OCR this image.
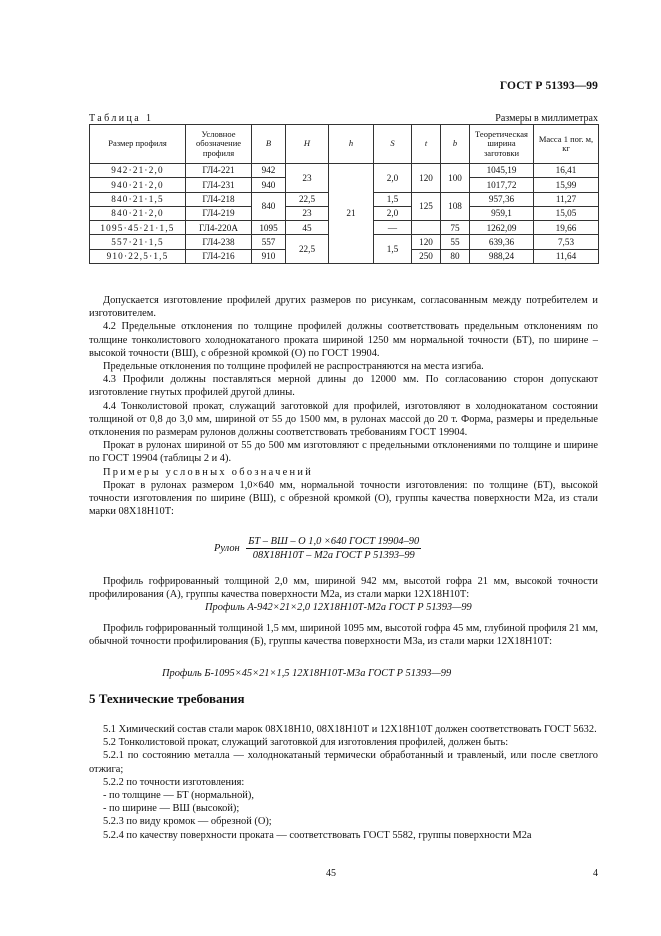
ГОСТ Р 51393—99
Таблица 1	Размеры в миллиметрах
Размер профиля	Условное обозначение профиля	B	H	h	S	t	b	Теоретическая ширина заготовки	Масса 1 пог. м, кг
942·21·2,0	ГЛ4-221	942	23	21	2,0	120	100	1045,19	16,41
940·21·2,0	ГЛ4-231	940						1017,72	15,99
840·21·1,5	ГЛ4-218	840	22,5		1,5	125	108	957,36	11,27
840·21·2,0	ГЛ4-219		23		2,0			959,1	15,05
1095·45·21·1,5	ГЛ4-220А	1095	45		—		75	1262,09	19,66
557·21·1,5	ГЛ4-238	557	22,5		1,5	120	55	639,36	7,53
910·22,5·1,5	ГЛ4-216	910				250	80	988,24	11,64

Допускается изготовление профилей других размеров по рисункам, согласованным между потребителем и изготовителем.

4.2 Предельные отклонения по толщине профилей должны соответствовать предельным отклонениям по толщине тонколистового холоднокатаного проката шириной 1250 мм нормальной точности (БТ), по ширине – высокой точности (ВШ), с обрезной кромкой (О) по ГОСТ 19904.

Предельные отклонения по толщине профилей не распространяются на места изгиба.

4.3 Профили должны поставляться мерной длины до 12000 мм. По согласованию сторон допускают изготовление гнутых профилей другой длины.

4.4 Тонколистовой прокат, служащий заготовкой для профилей, изготовляют в холоднокатаном состоянии толщиной от 0,8 до 3,0 мм, шириной от 55 до 1500 мм, в рулонах массой до 20 т. Форма, размеры и предельные отклонения по размерам рулонов должны соответствовать требованиям ГОСТ 19904.

Прокат в рулонах шириной от 55 до 500 мм изготовляют с предельными отклонениями по толщине и ширине по ГОСТ 19904 (таблицы 2 и 4).

Примеры условных обозначений

Прокат в рулонах размером 1,0×640 мм, нормальной точности изготовления: по толщине (БТ), высокой точности изготовления по ширине (ВШ), с обрезной кромкой (О), группы качества поверхности М2а, из стали марки 08Х18Н10Т:

Рулон $\frac{\text{БТ – ВШ – О 1,0 ×640 ГОСТ 19904–90}}{\text{08Х18Н10Т – М2а ГОСТ Р 51393–99}}$

Профиль гофрированный толщиной 2,0 мм, шириной 942 мм, высотой гофра 21 мм, высокой точности профилирования (А), группы качества поверхности М2а, из стали марки 12Х18Н10Т:

Профиль А-942×21×2,0 12Х18Н10Т-М2а ГОСТ Р 51393—99

Профиль гофрированный толщиной 1,5 мм, шириной 1095 мм, высотой гофра 45 мм, глубиной профиля 21 мм, обычной точности профилирования (Б), группы качества поверхности М3а, из стали марки 12Х18Н10Т:

Профиль Б-1095×45×21×1,5 12Х18Н10Т-М3а ГОСТ Р 51393—99
5 Технические требования

5.1 Химический состав стали марок 08Х18Н10, 08Х18Н10Т и 12Х18Н10Т должен соответствовать ГОСТ 5632.

5.2 Тонколистовой прокат, служащий заготовкой для изготовления профилей, должен быть:

5.2.1 по состоянию металла — холоднокатаный термически обработанный и травленый, или после светлого отжига;

5.2.2 по точности изготовления:

- по толщине — БТ (нормальной),

- по ширине — ВШ (высокой);

5.2.3 по виду кромок — обрезной (О);

5.2.4 по качеству поверхности проката — соответствовать ГОСТ 5582, группы поверхности М2а

45	4
